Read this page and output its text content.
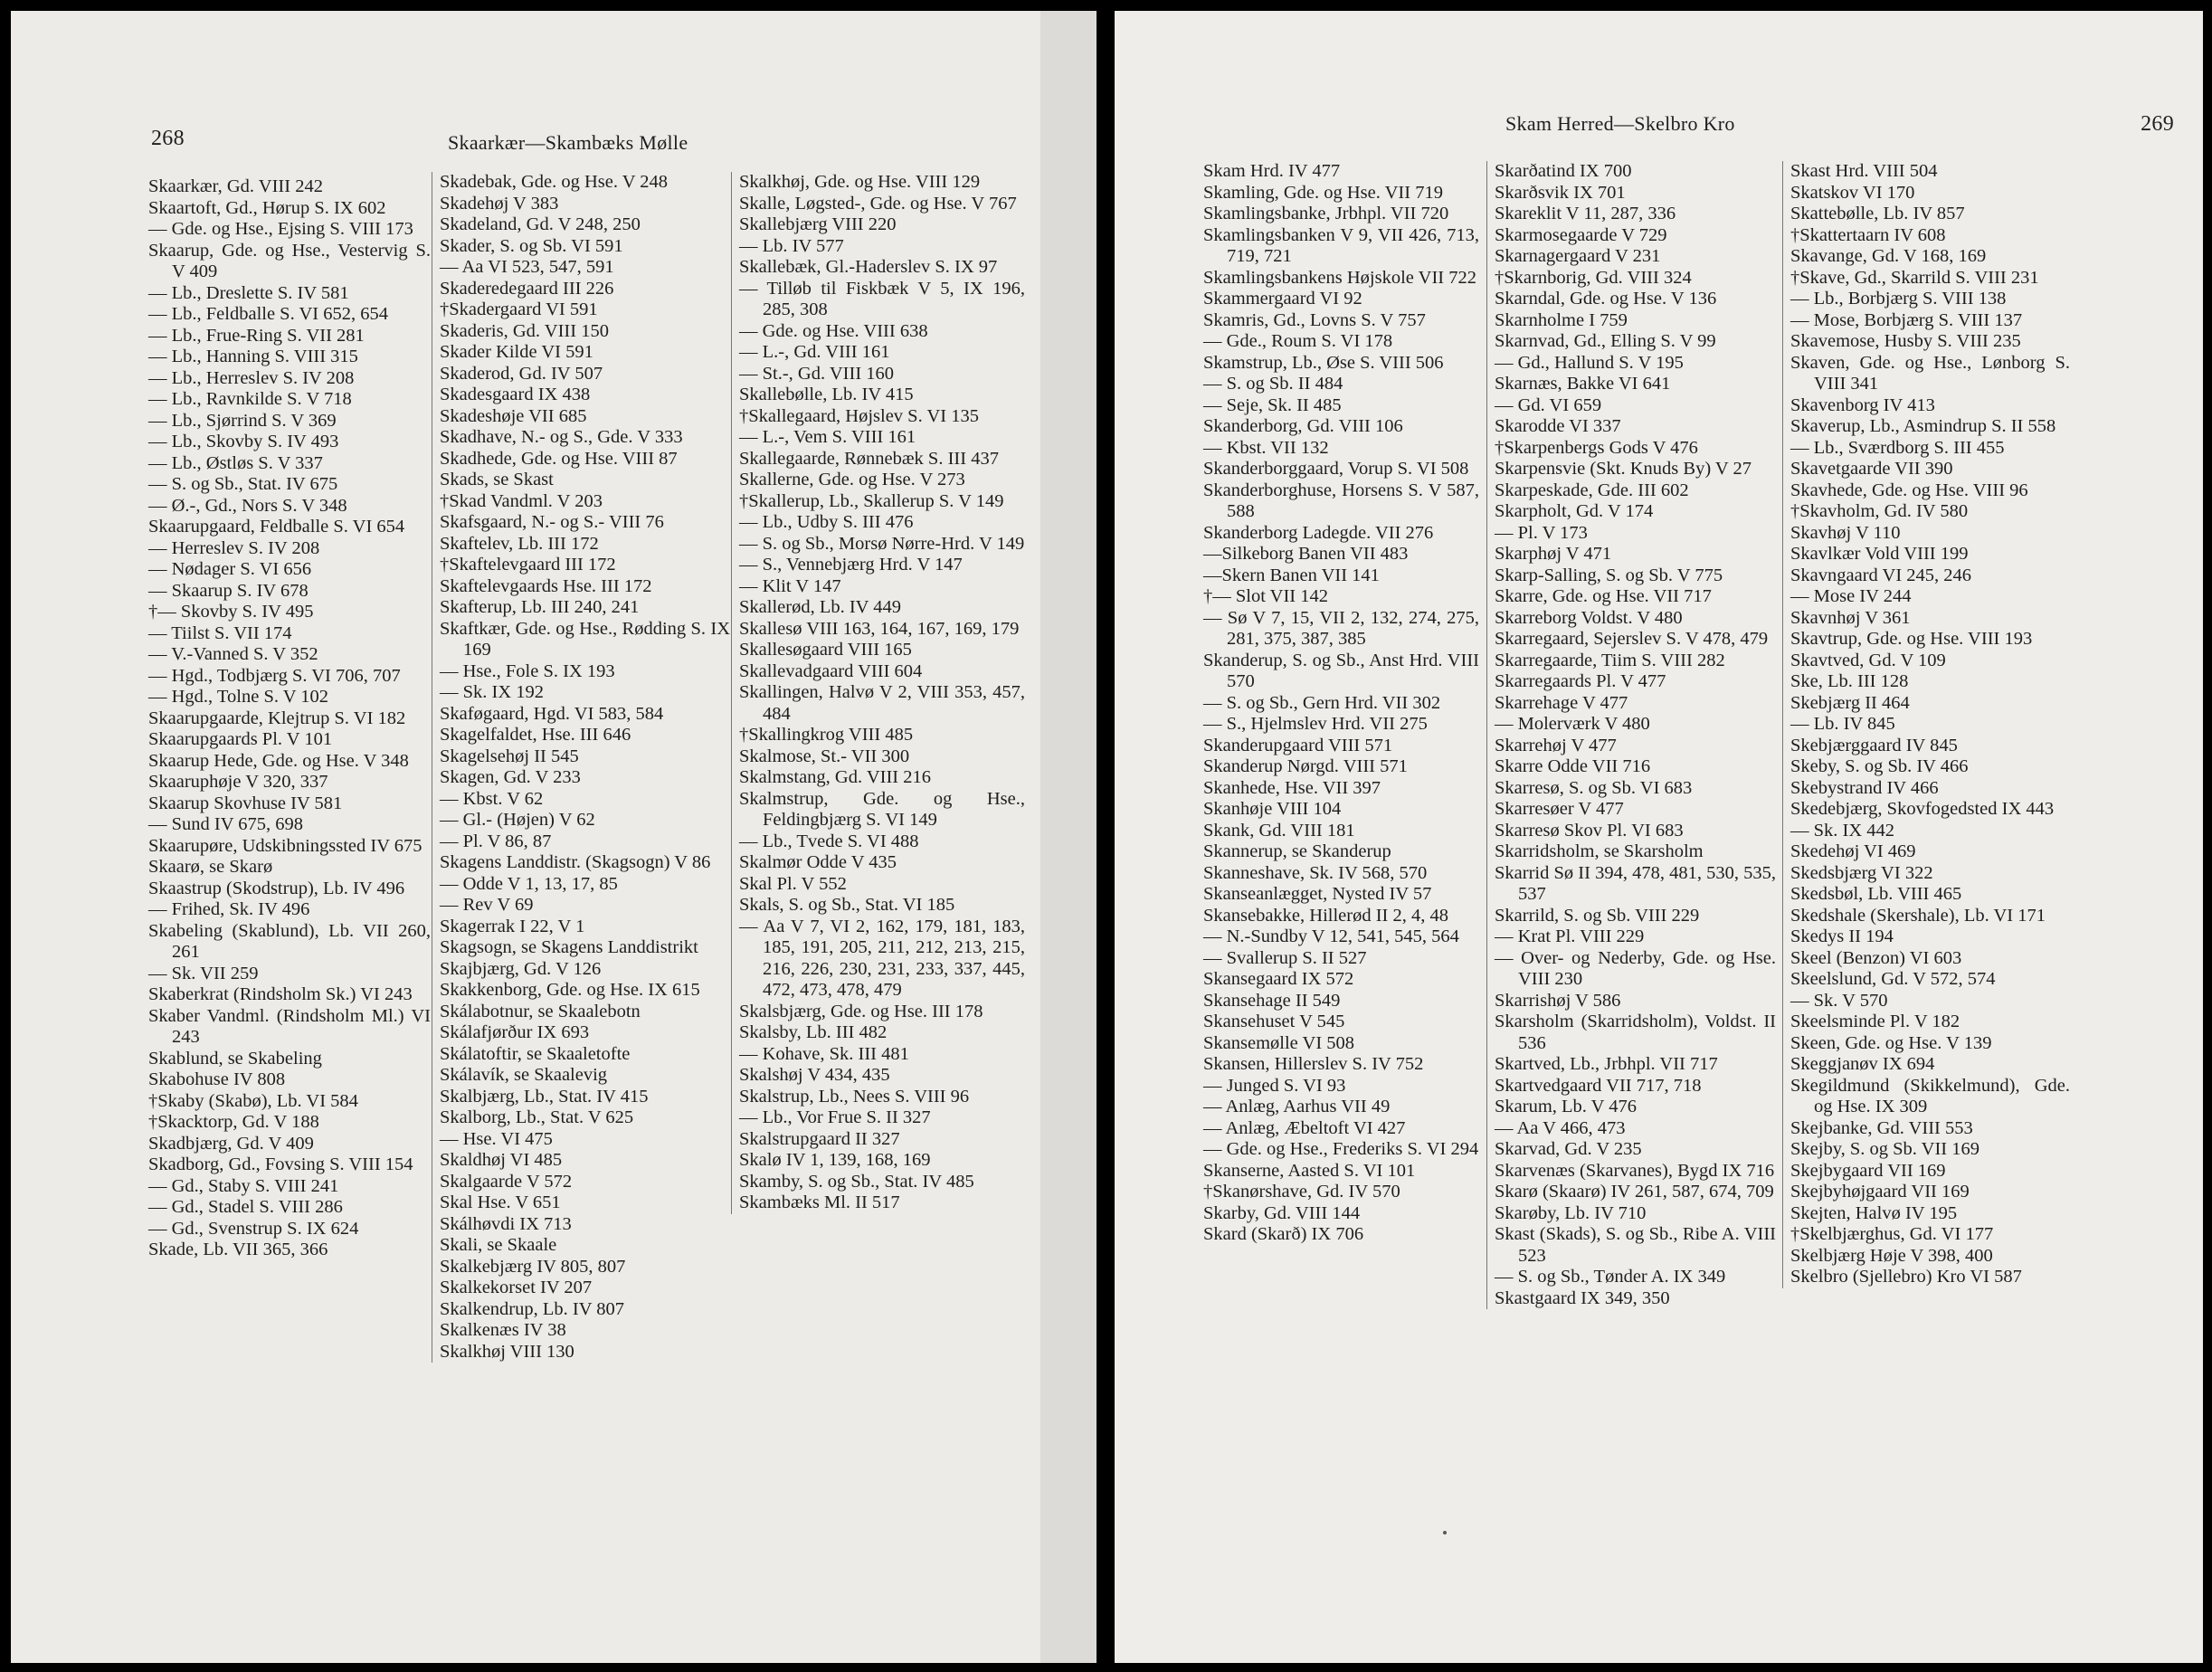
268	Skaarkær—Skambæks Mølle

Skaarkær, Gd. VIII 242

Skaartoft, Gd., Hørup S. IX 602

— Gde. og Hse., Ejsing S. VIII 173

Skaarup, Gde. og Hse., Vestervig S. V 409

— Lb., Dreslette S. IV 581

— Lb., Feldballe S. VI 652, 654

— Lb., Frue-Ring S. VII 281

— Lb., Hanning S. VIII 315

— Lb., Herreslev S. IV 208

— Lb., Ravnkilde S. V 718

— Lb., Sjørrind S. V 369

— Lb., Skovby S. IV 493

— Lb., Østløs S. V 337

— S. og Sb., Stat. IV 675

— Ø.-, Gd., Nors S. V 348

Skaarupgaard, Feldballe S. VI 654

— Herreslev S. IV 208

— Nødager S. VI 656

— Skaarup S. IV 678

†— Skovby S. IV 495

— Tiilst S. VII 174

— V.-Vanned S. V 352

— Hgd., Todbjærg S. VI 706, 707

— Hgd., Tolne S. V 102

Skaarupgaarde, Klejtrup S. VI 182

Skaarupgaards Pl. V 101

Skaarup Hede, Gde. og Hse. V 348

Skaaruphøje V 320, 337

Skaarup Skovhuse IV 581

— Sund IV 675, 698

Skaarupøre, Udskibningssted IV 675

Skaarø, se Skarø

Skaastrup (Skodstrup), Lb. IV 496

— Frihed, Sk. IV 496

Skabeling (Skablund), Lb. VII 260, 261

— Sk. VII 259

Skaberkrat (Rindsholm Sk.) VI 243

Skaber Vandml. (Rindsholm Ml.) VI 243

Skablund, se Skabeling

Skabohuse IV 808

†Skaby (Skabø), Lb. VI 584

†Skacktorp, Gd. V 188

Skadbjærg, Gd. V 409

Skadborg, Gd., Fovsing S. VIII 154

— Gd., Staby S. VIII 241

— Gd., Stadel S. VIII 286

— Gd., Svenstrup S. IX 624

Skade, Lb. VII 365, 366

Skadebak, Gde. og Hse. V 248

Skadehøj V 383

Skadeland, Gd. V 248, 250

Skader, S. og Sb. VI 591

— Aa VI 523, 547, 591

Skaderedegaard III 226

†Skadergaard VI 591

Skaderis, Gd. VIII 150

Skader Kilde VI 591

Skaderod, Gd. IV 507

Skadesgaard IX 438

Skadeshøje VII 685

Skadhave, N.- og S., Gde. V 333

Skadhede, Gde. og Hse. VIII 87

Skads, se Skast

†Skad Vandml. V 203

Skafsgaard, N.- og S.- VIII 76

Skaftelev, Lb. III 172

†Skaftelevgaard III 172

Skaftelevgaards Hse. III 172

Skafterup, Lb. III 240, 241

Skaftkær, Gde. og Hse., Rødding S. IX 169

— Hse., Fole S. IX 193

— Sk. IX 192

Skaføgaard, Hgd. VI 583, 584

Skagelfaldet, Hse. III 646

Skagelsehøj II 545

Skagen, Gd. V 233

— Kbst. V 62

— Gl.- (Højen) V 62

— Pl. V 86, 87

Skagens Landdistr. (Skagsogn) V 86

— Odde V 1, 13, 17, 85

— Rev V 69

Skagerrak I 22, V 1

Skagsogn, se Skagens Landdistrikt

Skajbjærg, Gd. V 126

Skakkenborg, Gde. og Hse. IX 615

Skálabotnur, se Skaalebotn

Skálafjørður IX 693

Skálatoftir, se Skaaletofte

Skálavík, se Skaalevig

Skalbjærg, Lb., Stat. IV 415

Skalborg, Lb., Stat. V 625

— Hse. VI 475

Skaldhøj VI 485

Skalgaarde V 572

Skal Hse. V 651

Skálhøvdi IX 713

Skali, se Skaale

Skalkebjærg IV 805, 807

Skalkekorset IV 207

Skalkendrup, Lb. IV 807

Skalkenæs IV 38

Skalkhøj VIII 130

Skalkhøj, Gde. og Hse. VIII 129

Skalle, Løgsted-, Gde. og Hse. V 767

Skallebjærg VIII 220

— Lb. IV 577

Skallebæk, Gl.-Haderslev S. IX 97

— Tilløb til Fiskbæk V 5, IX 196, 285, 308

— Gde. og Hse. VIII 638

— L.-, Gd. VIII 161

— St.-, Gd. VIII 160

Skallebølle, Lb. IV 415

†Skallegaard, Højslev S. VI 135

— L.-, Vem S. VIII 161

Skallegaarde, Rønnebæk S. III 437

Skallerne, Gde. og Hse. V 273

†Skallerup, Lb., Skallerup S. V 149

— Lb., Udby S. III 476

— S. og Sb., Morsø Nørre-Hrd. V 149

— S., Vennebjærg Hrd. V 147

— Klit V 147

Skallerød, Lb. IV 449

Skallesø VIII 163, 164, 167, 169, 179

Skallesøgaard VIII 165

Skallevadgaard VIII 604

Skallingen, Halvø V 2, VIII 353, 457, 484

†Skallingkrog VIII 485

Skalmose, St.- VII 300

Skalmstang, Gd. VIII 216

Skalmstrup, Gde. og Hse., Feldingbjærg S. VI 149

— Lb., Tvede S. VI 488

Skalmør Odde V 435

Skal Pl. V 552

Skals, S. og Sb., Stat. VI 185

— Aa V 7, VI 2, 162, 179, 181, 183, 185, 191, 205, 211, 212, 213, 215, 216, 226, 230, 231, 233, 337, 445, 472, 473, 478, 479

Skalsbjærg, Gde. og Hse. III 178

Skalsby, Lb. III 482

— Kohave, Sk. III 481

Skalshøj V 434, 435

Skalstrup, Lb., Nees S. VIII 96

— Lb., Vor Frue S. II 327

Skalstrupgaard II 327

Skalø IV 1, 139, 168, 169

Skamby, S. og Sb., Stat. IV 485

Skambæks Ml. II 517

Skam Herred—Skelbro Kro	269

Skam Hrd. IV 477

Skamling, Gde. og Hse. VII 719

Skamlingsbanke, Jrbhpl. VII 720

Skamlingsbanken V 9, VII 426, 713, 719, 721

Skamlingsbankens Højskole VII 722

Skammergaard VI 92

Skamris, Gd., Lovns S. V 757

— Gde., Roum S. VI 178

Skamstrup, Lb., Øse S. VIII 506

— S. og Sb. II 484

— Seje, Sk. II 485

Skanderborg, Gd. VIII 106

— Kbst. VII 132

Skanderborggaard, Vorup S. VI 508

Skanderborghuse, Horsens S. V 587, 588

Skanderborg Ladegde. VII 276

—Silkeborg Banen VII 483

—Skern Banen VII 141

†— Slot VII 142

— Sø V 7, 15, VII 2, 132, 274, 275, 281, 375, 387, 385

Skanderup, S. og Sb., Anst Hrd. VIII 570

— S. og Sb., Gern Hrd. VII 302

— S., Hjelmslev Hrd. VII 275

Skanderupgaard VIII 571

Skanderup Nørgd. VIII 571

Skanhede, Hse. VII 397

Skanhøje VIII 104

Skank, Gd. VIII 181

Skannerup, se Skanderup

Skanneshave, Sk. IV 568, 570

Skanseanlægget, Nysted IV 57

Skansebakke, Hillerød II 2, 4, 48

— N.-Sundby V 12, 541, 545, 564

— Svallerup S. II 527

Skansegaard IX 572

Skansehage II 549

Skansehuset V 545

Skansemølle VI 508

Skansen, Hillerslev S. IV 752

— Junged S. VI 93

— Anlæg, Aarhus VII 49

— Anlæg, Æbeltoft VI 427

— Gde. og Hse., Frederiks S. VI 294

Skanserne, Aasted S. VI 101

†Skanørshave, Gd. IV 570

Skarby, Gd. VIII 144

Skard (Skarð) IX 706

Skarðatind IX 700

Skarðsvik IX 701

Skareklit V 11, 287, 336

Skarmosegaarde V 729

Skarnagergaard V 231

†Skarnborig, Gd. VIII 324

Skarndal, Gde. og Hse. V 136

Skarnholme I 759

Skarnvad, Gd., Elling S. V 99

— Gd., Hallund S. V 195

Skarnæs, Bakke VI 641

— Gd. VI 659

Skarodde VI 337

†Skarpenbergs Gods V 476

Skarpensvie (Skt. Knuds By) V 27

Skarpeskade, Gde. III 602

Skarpholt, Gd. V 174

— Pl. V 173

Skarphøj V 471

Skarp-Salling, S. og Sb. V 775

Skarre, Gde. og Hse. VII 717

Skarreborg Voldst. V 480

Skarregaard, Sejerslev S. V 478, 479

Skarregaarde, Tiim S. VIII 282

Skarregaards Pl. V 477

Skarrehage V 477

— Molerværk V 480

Skarrehøj V 477

Skarre Odde VII 716

Skarresø, S. og Sb. VI 683

Skarresøer V 477

Skarresø Skov Pl. VI 683

Skarridsholm, se Skarsholm

Skarrid Sø II 394, 478, 481, 530, 535, 537

Skarrild, S. og Sb. VIII 229

— Krat Pl. VIII 229

— Over- og Nederby, Gde. og Hse. VIII 230

Skarrishøj V 586

Skarsholm (Skarridsholm), Voldst. II 536

Skartved, Lb., Jrbhpl. VII 717

Skartvedgaard VII 717, 718

Skarum, Lb. V 476

— Aa V 466, 473

Skarvad, Gd. V 235

Skarvenæs (Skarvanes), Bygd IX 716

Skarø (Skaarø) IV 261, 587, 674, 709

Skarøby, Lb. IV 710

Skast (Skads), S. og Sb., Ribe A. VIII 523

— S. og Sb., Tønder A. IX 349

Skastgaard IX 349, 350

Skast Hrd. VIII 504

Skatskov VI 170

Skattebølle, Lb. IV 857

†Skattertaarn IV 608

Skavange, Gd. V 168, 169

†Skave, Gd., Skarrild S. VIII 231

— Lb., Borbjærg S. VIII 138

— Mose, Borbjærg S. VIII 137

Skavemose, Husby S. VIII 235

Skaven, Gde. og Hse., Lønborg S. VIII 341

Skavenborg IV 413

Skaverup, Lb., Asmindrup S. II 558

— Lb., Sværdborg S. III 455

Skavetgaarde VII 390

Skavhede, Gde. og Hse. VIII 96

†Skavholm, Gd. IV 580

Skavhøj V 110

Skavlkær Vold VIII 199

Skavngaard VI 245, 246

— Mose IV 244

Skavnhøj V 361

Skavtrup, Gde. og Hse. VIII 193

Skavtved, Gd. V 109

Ske, Lb. III 128

Skebjærg II 464

— Lb. IV 845

Skebjærggaard IV 845

Skeby, S. og Sb. IV 466

Skebystrand IV 466

Skedebjærg, Skovfogedsted IX 443

— Sk. IX 442

Skedehøj VI 469

Skedsbjærg VI 322

Skedsbøl, Lb. VIII 465

Skedshale (Skershale), Lb. VI 171

Skedys II 194

Skeel (Benzon) VI 603

Skeelslund, Gd. V 572, 574

— Sk. V 570

Skeelsminde Pl. V 182

Skeen, Gde. og Hse. V 139

Skeggjanøv IX 694

Skegildmund (Skikkelmund), Gde. og Hse. IX 309

Skejbanke, Gd. VIII 553

Skejby, S. og Sb. VII 169

Skejbygaard VII 169

Skejbyhøjgaard VII 169

Skejten, Halvø IV 195

†Skelbjærghus, Gd. VI 177

Skelbjærg Høje V 398, 400

Skelbro (Sjellebro) Kro VI 587
